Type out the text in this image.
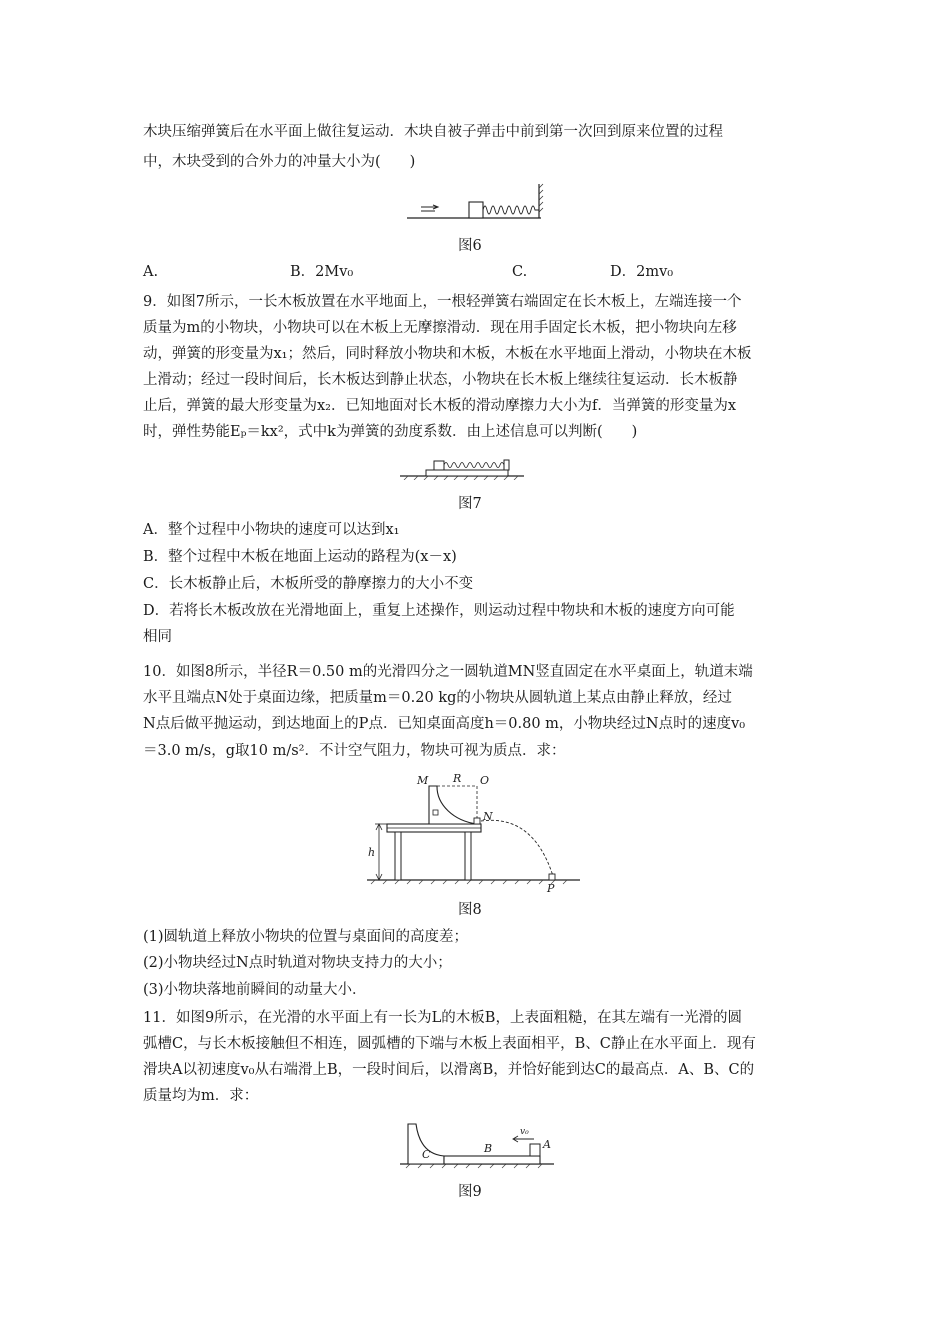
木块压缩弹簧后在水平面上做往复运动．木块自被子弹击中前到第一次回到原来位置的过程
中，木块受到的合外力的冲量大小为(　　)
图6
A.	B．2Mv₀	C.	D．2mv₀
9．如图7所示，一长木板放置在水平地面上，一根轻弹簧右端固定在长木板上，左端连接一个
质量为m的小物块，小物块可以在木板上无摩擦滑动．现在用手固定长木板，把小物块向左移
动，弹簧的形变量为x₁；然后，同时释放小物块和木板，木板在水平地面上滑动，小物块在木板
上滑动；经过一段时间后，长木板达到静止状态，小物块在长木板上继续往复运动．长木板静
止后，弹簧的最大形变量为x₂．已知地面对长木板的滑动摩擦力大小为f．当弹簧的形变量为x
时，弹性势能Eₚ＝kx²，式中k为弹簧的劲度系数．由上述信息可以判断(　　)
图7
A．整个过程中小物块的速度可以达到x₁
B．整个过程中木板在地面上运动的路程为(x－x)
C．长木板静止后，木板所受的静摩擦力的大小不变
D．若将长木板改放在光滑地面上，重复上述操作，则运动过程中物块和木板的速度方向可能
相同
10．如图8所示，半径R＝0.50 m的光滑四分之一圆轨道MN竖直固定在水平桌面上，轨道末端
水平且端点N处于桌面边缘，把质量m＝0.20 kg的小物块从圆轨道上某点由静止释放，经过
N点后做平抛运动，到达地面上的P点．已知桌面高度h＝0.80 m，小物块经过N点时的速度v₀
＝3.0 m/s，g取10 m/s²．不计空气阻力，物块可视为质点．求：
h
M R O
N
P
图8
(1)圆轨道上释放小物块的位置与桌面间的高度差；
(2)小物块经过N点时轨道对物块支持力的大小；
(3)小物块落地前瞬间的动量大小．
11．如图9所示，在光滑的水平面上有一长为L的木板B，上表面粗糙，在其左端有一光滑的圆
弧槽C，与长木板接触但不相连，圆弧槽的下端与木板上表面相平，B、C静止在水平面上．现有
滑块A以初速度v₀从右端滑上B，一段时间后，以滑离B，并恰好能到达C的最高点．A、B、C的
质量均为m．求：
C	B	A
v₀
图9
